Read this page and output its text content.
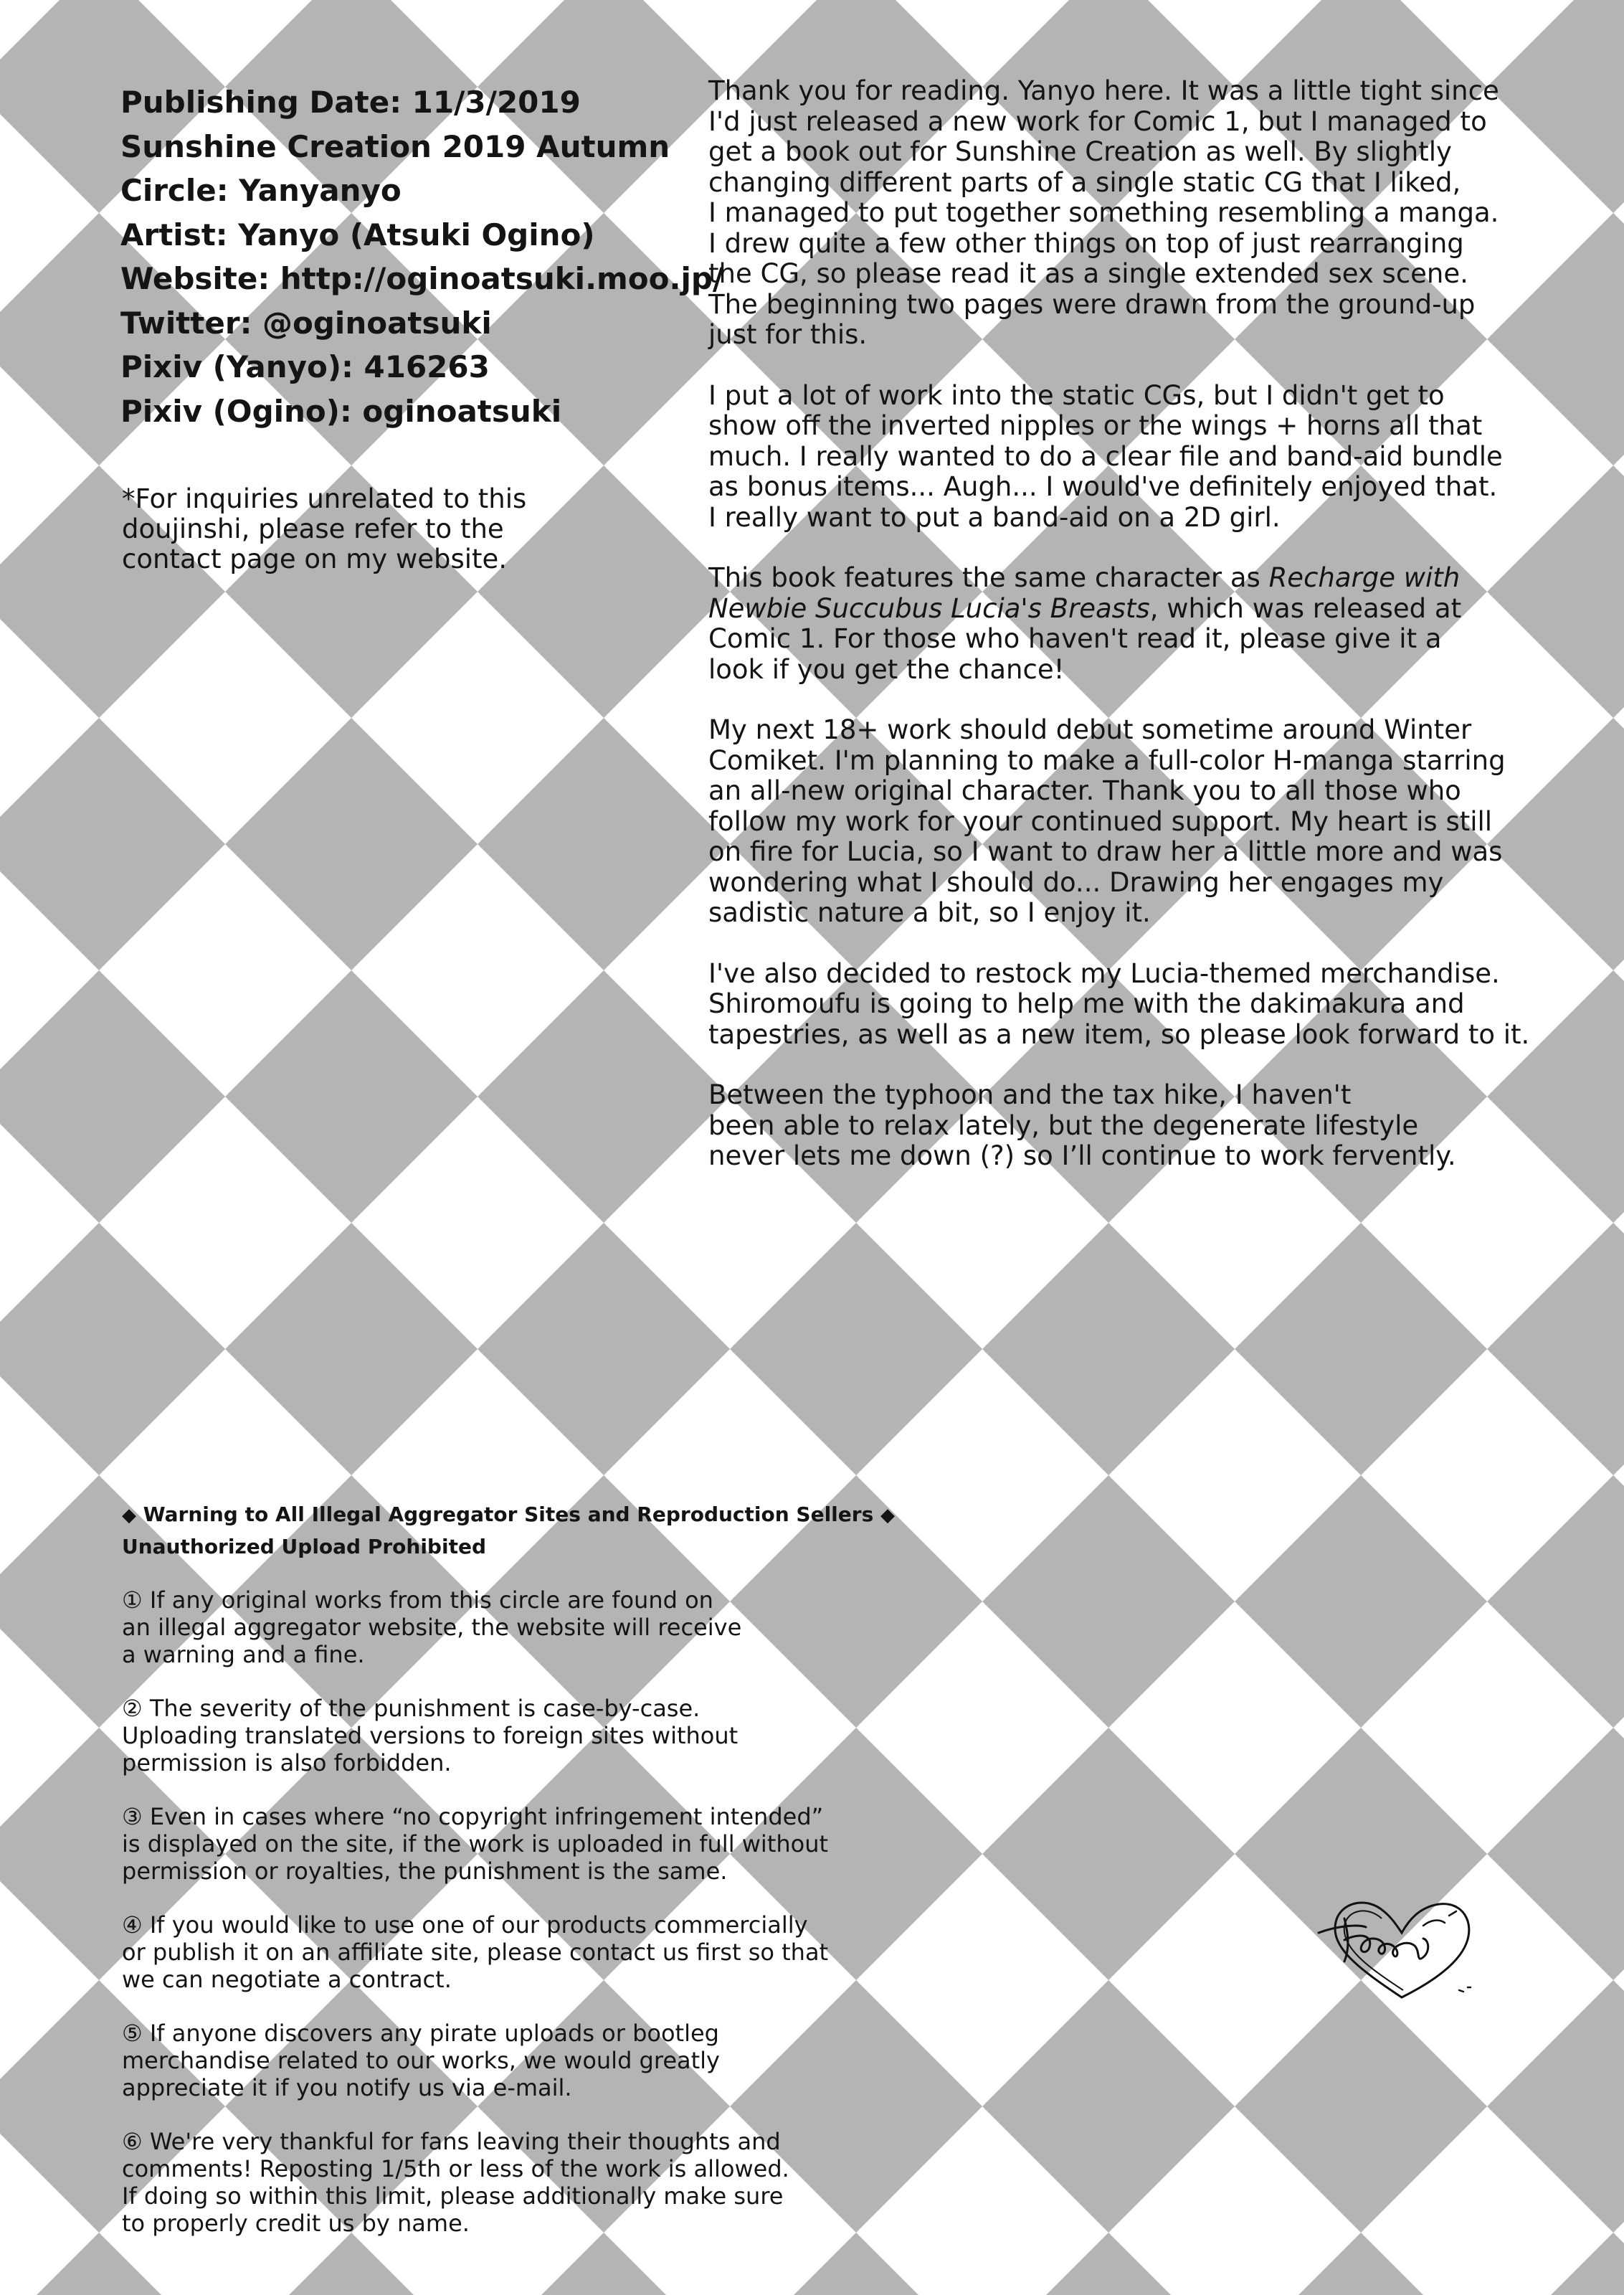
Publishing Date: 11/3/2019
Sunshine Creation 2019 Autumn
Circle: Yanyanyo
Artist: Yanyo (Atsuki Ogino)
Website: http://oginoatsuki.moo.jp/
Twitter: @oginoatsuki
Pixiv (Yanyo): 416263
Pixiv (Ogino): oginoatsuki
*For inquiries unrelated to this
doujinshi, please refer to the
contact page on my website.

Thank you for reading. Yanyo here. It was a little tight since
I'd just released a new work for Comic 1, but I managed to
get a book out for Sunshine Creation as well. By slightly
changing different parts of a single static CG that I liked,
I managed to put together something resembling a manga.
I drew quite a few other things on top of just rearranging
the CG, so please read it as a single extended sex scene.
The beginning two pages were drawn from the ground-up
just for this.

I put a lot of work into the static CGs, but I didn't get to
show off the inverted nipples or the wings + horns all that
much. I really wanted to do a clear file and band-aid bundle
as bonus items... Augh... I would've definitely enjoyed that.
I really want to put a band-aid on a 2D girl.

This book features the same character as Recharge with
Newbie Succubus Lucia's Breasts, which was released at
Comic 1. For those who haven't read it, please give it a
look if you get the chance!

My next 18+ work should debut sometime around Winter
Comiket. I'm planning to make a full-color H-manga starring
an all-new original character. Thank you to all those who
follow my work for your continued support. My heart is still
on fire for Lucia, so I want to draw her a little more and was
wondering what I should do... Drawing her engages my
sadistic nature a bit, so I enjoy it.

I've also decided to restock my Lucia-themed merchandise.
Shiromoufu is going to help me with the dakimakura and
tapestries, as well as a new item, so please look forward to it.

Between the typhoon and the tax hike, I haven't
been able to relax lately, but the degenerate lifestyle
never lets me down (?) so I’ll continue to work fervently.

◆ Warning to All Illegal Aggregator Sites and Reproduction Sellers ◆
Unauthorized Upload Prohibited
① If any original works from this circle are found on
an illegal aggregator website, the website will receive
a warning and a fine.
② The severity of the punishment is case-by-case.
Uploading translated versions to foreign sites without
permission is also forbidden.
③ Even in cases where “no copyright infringement intended”
is displayed on the site, if the work is uploaded in full without
permission or royalties, the punishment is the same.
④ If you would like to use one of our products commercially
or publish it on an affiliate site, please contact us first so that
we can negotiate a contract.
⑤ If anyone discovers any pirate uploads or bootleg
merchandise related to our works, we would greatly
appreciate it if you notify us via e-mail.
⑥ We're very thankful for fans leaving their thoughts and
comments! Reposting 1/5th or less of the work is allowed.
If doing so within this limit, please additionally make sure
to properly credit us by name.
